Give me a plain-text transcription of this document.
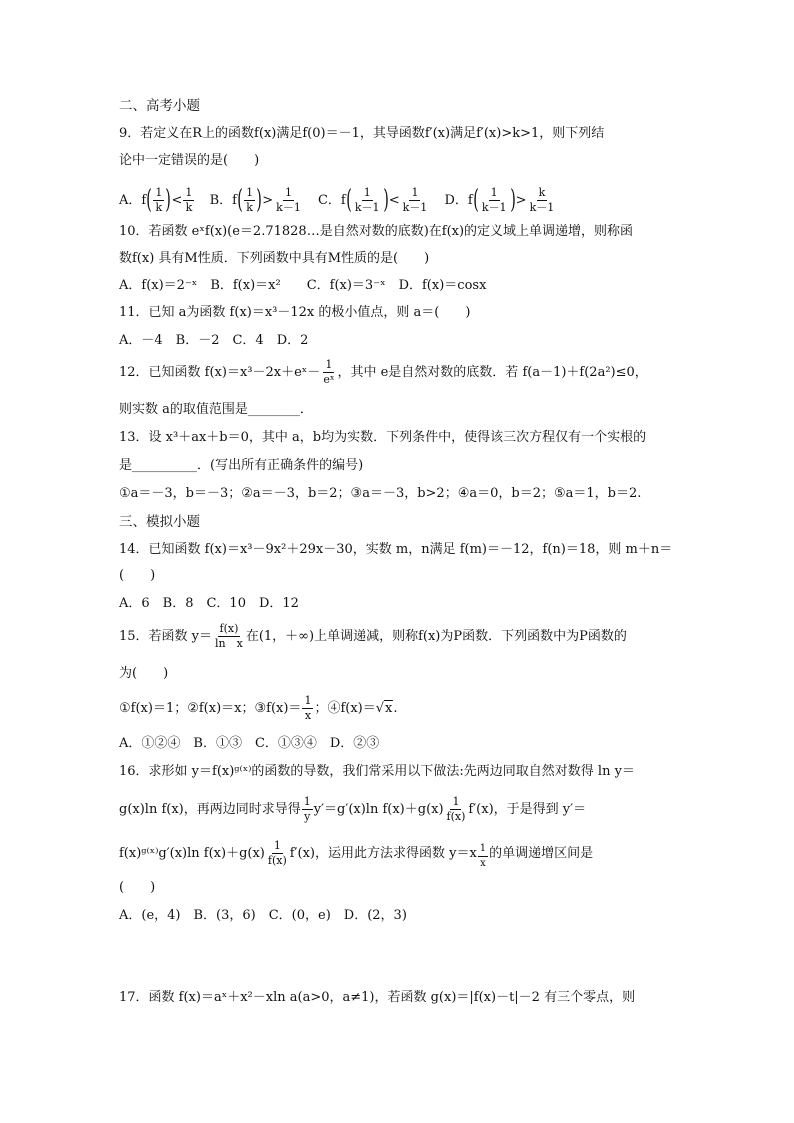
二、高考小题
9．若定义在R上的函数f(x)满足f(0)＝－1，其导函数f′(x)满足f′(x)>k>1，则下列结
论中一定错误的是(　　)
A．$f( \frac{1}{k}$ )< $\frac{1}{k}$ B．$f( \frac{1}{k}$ )> $\frac{1}{k-1}$ C．$f( \frac{1}{k-1}$ )< $\frac{1}{k-1}$ D．$f( \frac{1}{k-1}$ )> $\frac{k}{k-1}$
10．若函数 eˣf(x)(e＝2.71828…是自然对数的底数)在f(x)的定义域上单调递增，则称函
数f(x) 具有M性质．下列函数中具有M性质的是(　　)
A．f(x)＝2⁻ˣ　B．f(x)＝x²　　C．f(x)＝3⁻ˣ　D．f(x)＝cosx
11．已知 a为函数 f(x)＝x³－12x 的极小值点，则 a＝(　　)
A．－4　B．－2　C．4　D．2
12．已知函数 f(x)＝x³－2x＋eˣ－ $\frac{1}{\text{eˣ}}$ ，其中 e是自然对数的底数．若 f(a－1)＋f(2a²)≤0，
则实数 a的取值范围是________．
13．设 x³＋ax＋b＝0，其中 a，b均为实数．下列条件中，使得该三次方程仅有一个实根的
是__________．(写出所有正确条件的编号)
①a＝－3，b＝－3；②a＝－3，b＝2；③a＝－3，b>2；④a＝0，b＝2；⑤a＝1，b＝2.
三、模拟小题
14．已知函数 f(x)＝x³－9x²＋29x－30，实数 m，n满足 f(m)＝－12，f(n)＝18，则 m＋n＝
(　　)
A．6　B．8　C．10　D．12
15．若函数 $y= \frac{f(x)}{\text{ln　x}}$ 在(1，＋∞)上单调递减，则称f(x)为P函数．下列函数中为P函数的
为(　　)
①f(x)＝1；②f(x)＝x；③f(x)＝ $\frac{1}{x}$ ；④f(x)＝√x.
A．①②④　B．①③　C．①③④　D．②③
16．求形如 y＝f(x)ᵍ⁽ˣ⁾的函数的导数，我们常采用以下做法:先两边同取自然对数得 ln y＝
g(x)ln f(x)，再两边同时求导得 $\frac{1}{y} y'=g'(x)\ln$ $f(x)+g(x) \frac{1}{f(x)} f'(x)$，于是得到 y′＝
f(x)ᵍ⁽ˣ⁾g′(x)ln $f(x)+g(x) \frac{1}{f(x)} f'(x)$，运用此方法求得函数 $y=x \frac{1}{x}$ 的单调递增区间是
(　　)
A．(e，4)　B．(3，6)　C．(0，e)　D．(2，3)
17．函数 f(x)＝aˣ＋x²－xln a(a>0，a≠1)，若函数 g(x)＝|f(x)－t|－2 有三个零点，则
